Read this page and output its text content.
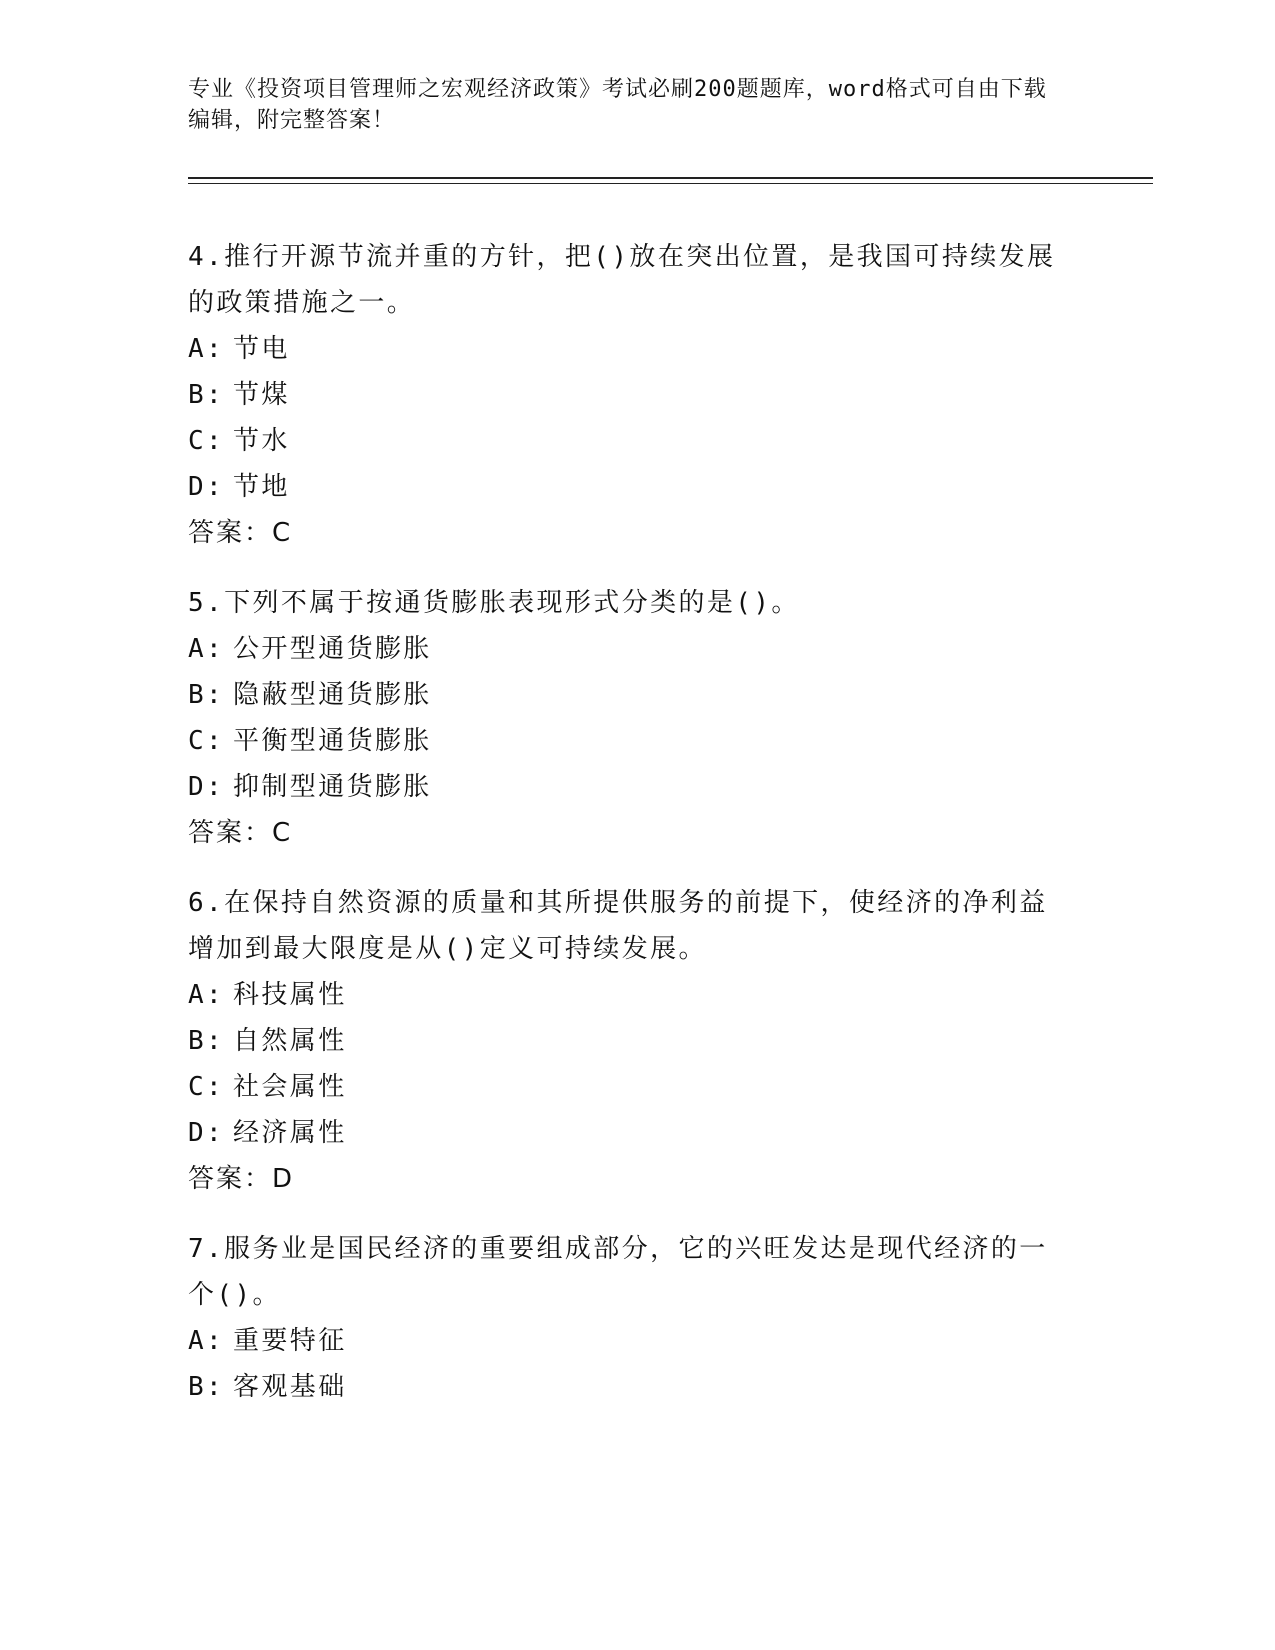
专业《投资项目管理师之宏观经济政策》考试必刷200题题库，word格式可自由下载编辑，附完整答案！

4.推行开源节流并重的方针，把()放在突出位置，是我国可持续发展的政策措施之一。

A: 节电

B: 节煤

C: 节水

D: 节地

答案：C

5.下列不属于按通货膨胀表现形式分类的是()。

A: 公开型通货膨胀

B: 隐蔽型通货膨胀

C: 平衡型通货膨胀

D: 抑制型通货膨胀

答案：C

6.在保持自然资源的质量和其所提供服务的前提下，使经济的净利益增加到最大限度是从()定义可持续发展。

A: 科技属性

B: 自然属性

C: 社会属性

D: 经济属性

答案：D

7.服务业是国民经济的重要组成部分，它的兴旺发达是现代经济的一个()。

A: 重要特征

B: 客观基础
